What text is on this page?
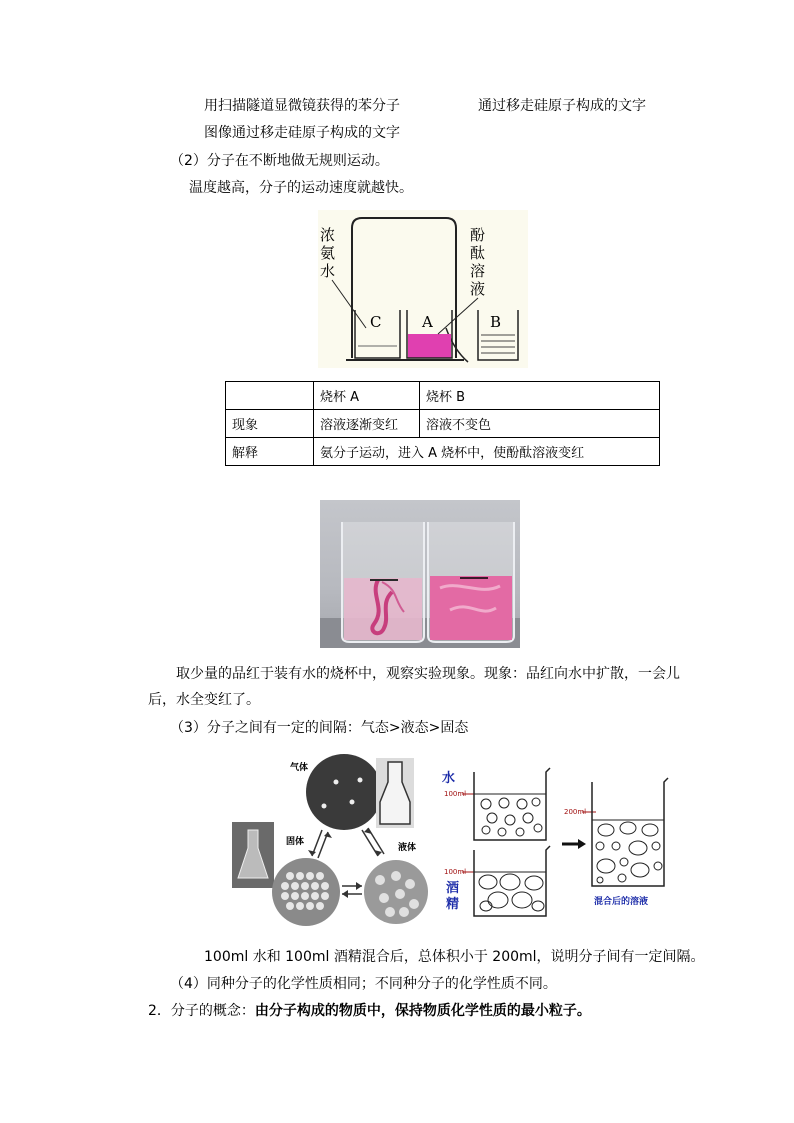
用扫描隧道显微镜获得的苯分子	通过移走硅原子构成的文字
图像通过移走硅原子构成的文字
（2）分子在不断地做无规则运动。
温度越高，分子的运动速度就越快。
C	A	B
浓
氨
水
酚
酞
溶
液
	烧杯 A	烧杯 B
现象	溶液逐渐变红	溶液不变色
解释	氨分子运动，进入 A 烧杯中，使酚酞溶液变红	
取少量的品红于装有水的烧杯中，观察实验现象。现象：品红向水中扩散，一会儿
后，水全变红了。
（3）分子之间有一定的间隔：气态>液态>固态
气体
固体
液体
水
100ml
100ml
酒
精
200ml
混合后的溶液
100ml 水和 100ml 酒精混合后，总体积小于 200ml，说明分子间有一定间隔。
（4）同种分子的化学性质相同；不同种分子的化学性质不同。
2．分子的概念：由分子构成的物质中，保持物质化学性质的最小粒子。
